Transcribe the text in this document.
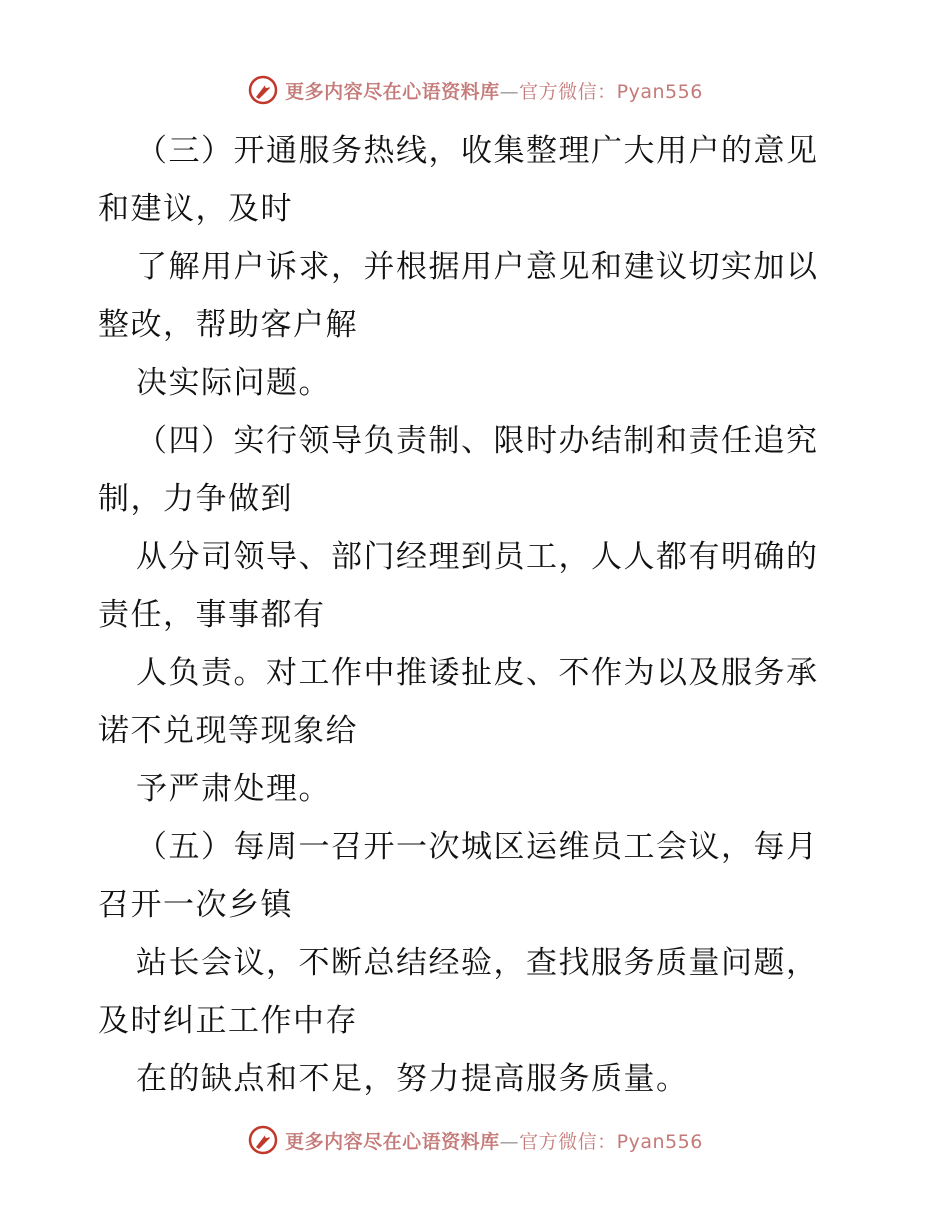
更多内容尽在心语资料库—官方微信：Pyan556
（三）开通服务热线，收集整理广大用户的意见
和建议，及时
了解用户诉求，并根据用户意见和建议切实加以
整改，帮助客户解
决实际问题。
（四）实行领导负责制、限时办结制和责任追究
制，力争做到
从分司领导、部门经理到员工，人人都有明确的
责任，事事都有
人负责。对工作中推诿扯皮、不作为以及服务承
诺不兑现等现象给
予严肃处理。
（五）每周一召开一次城区运维员工会议，每月
召开一次乡镇
站长会议，不断总结经验，查找服务质量问题，
及时纠正工作中存
在的缺点和不足，努力提高服务质量。
更多内容尽在心语资料库—官方微信：Pyan556
